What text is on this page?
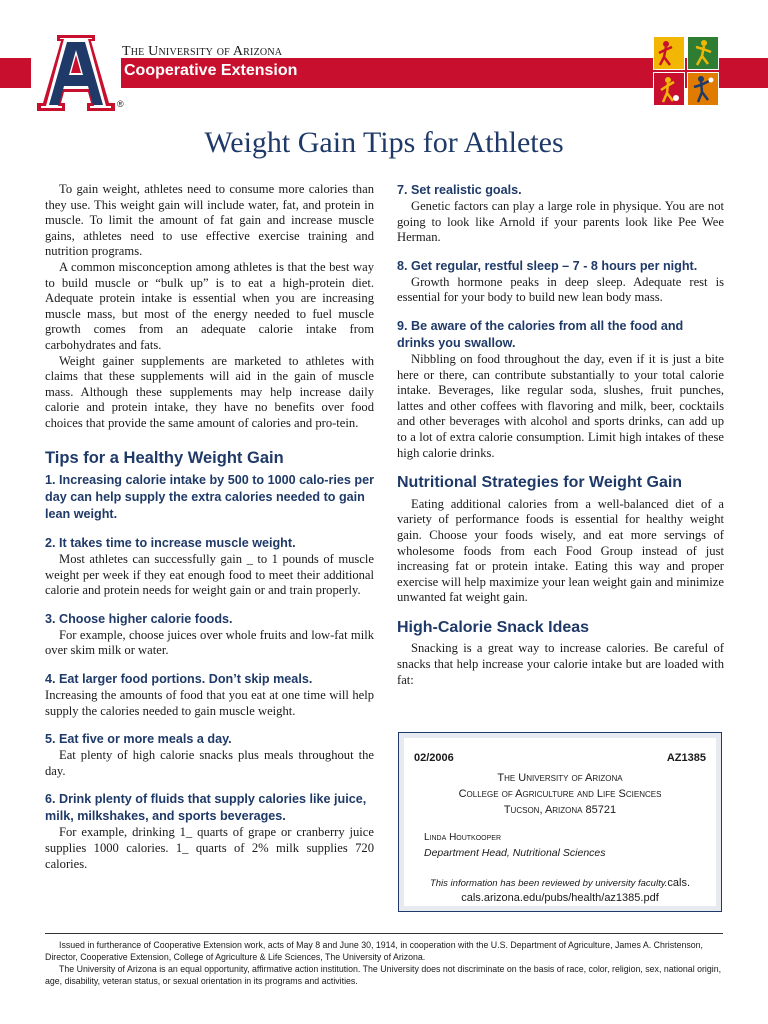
The University of Arizona
Cooperative Extension
®
Weight Gain Tips for Athletes

To gain weight, athletes need to consume more calories than they use. This weight gain will include water, fat, and protein in muscle. To limit the amount of fat gain and increase muscle gains, athletes need to use effective exercise training and nutrition programs.

A common misconception among athletes is that the best way to build muscle or “bulk up” is to eat a high-protein diet. Adequate protein intake is essential when you are increasing muscle mass, but most of the energy needed to fuel muscle growth comes from an adequate calorie intake from carbohydrates and fats.

Weight gainer supplements are marketed to athletes with claims that these supplements will aid in the gain of muscle mass. Although these supplements may help increase daily calorie and protein intake, they have no benefits over food choices that provide the same amount of calories and pro-tein.

Tips for a Healthy Weight Gain
1. Increasing calorie intake by 500 to 1000 calo-ries per day can help supply the extra calories needed to gain lean weight.
2. It takes time to increase muscle weight.

Most athletes can successfully gain _ to 1 pounds of muscle weight per week if they eat enough food to meet their additional calorie and protein needs for weight gain or and train properly.

3. Choose higher calorie foods.

For example, choose juices over whole fruits and low-fat milk over skim milk or water.

4. Eat larger food portions. Don’t skip meals.

Increasing the amounts of food that you eat at one time will help supply the calories needed to gain muscle weight.

5. Eat five or more meals a day.

Eat plenty of high calorie snacks plus meals throughout the day.

6. Drink plenty of fluids that supply calories like juice, milk, milkshakes, and sports beverages.

For example, drinking 1_ quarts of grape or cranberry juice supplies 1000 calories. 1_ quarts of 2% milk supplies 720 calories.

7. Set realistic goals.

Genetic factors can play a large role in physique. You are not going to look like Arnold if your parents look like Pee Wee Herman.

8. Get regular, restful sleep – 7 - 8 hours per night.

Growth hormone peaks in deep sleep. Adequate rest is essential for your body to build new lean body mass.

9. Be aware of the calories from all the food and drinks you swallow.

Nibbling on food throughout the day, even if it is just a bite here or there, can contribute substantially to your total calorie intake. Beverages, like regular soda, slushes, fruit punches, lattes and other coffees with flavoring and milk, beer, cocktails and other beverages with alcohol and sports drinks, can add up to a lot of extra calorie consumption. Limit high intakes of these high calorie drinks.

Nutritional Strategies for Weight Gain

Eating additional calories from a well-balanced diet of a variety of performance foods is essential for healthy weight gain. Choose your foods wisely, and eat more servings of wholesome foods from each Food Group instead of just increasing fat or protein intake. Eating this way and proper exercise will help maximize your lean weight gain and minimize unwanted fat weight gain.

High-Calorie Snack Ideas

Snacking is a great way to increase calories. Be careful of snacks that help increase your calorie intake but are loaded with fat:

02/2006	AZ1385
The University of Arizona
College of Agriculture and Life Sciences
Tucson, Arizona 85721
Linda Houtkooper
Department Head, Nutritional Sciences
This information has been reviewed by university faculty.cals.
cals.arizona.edu/pubs/health/az1385.pdf

Issued in furtherance of Cooperative Extension work, acts of May 8 and June 30, 1914, in cooperation with the U.S. Department of Agriculture, James A. Christenson, Director, Cooperative Extension, College of Agriculture & Life Sciences, The University of Arizona.

The University of Arizona is an equal opportunity, affirmative action institution. The University does not discriminate on the basis of race, color, religion, sex, national origin, age, disability, veteran status, or sexual orientation in its programs and activities.
